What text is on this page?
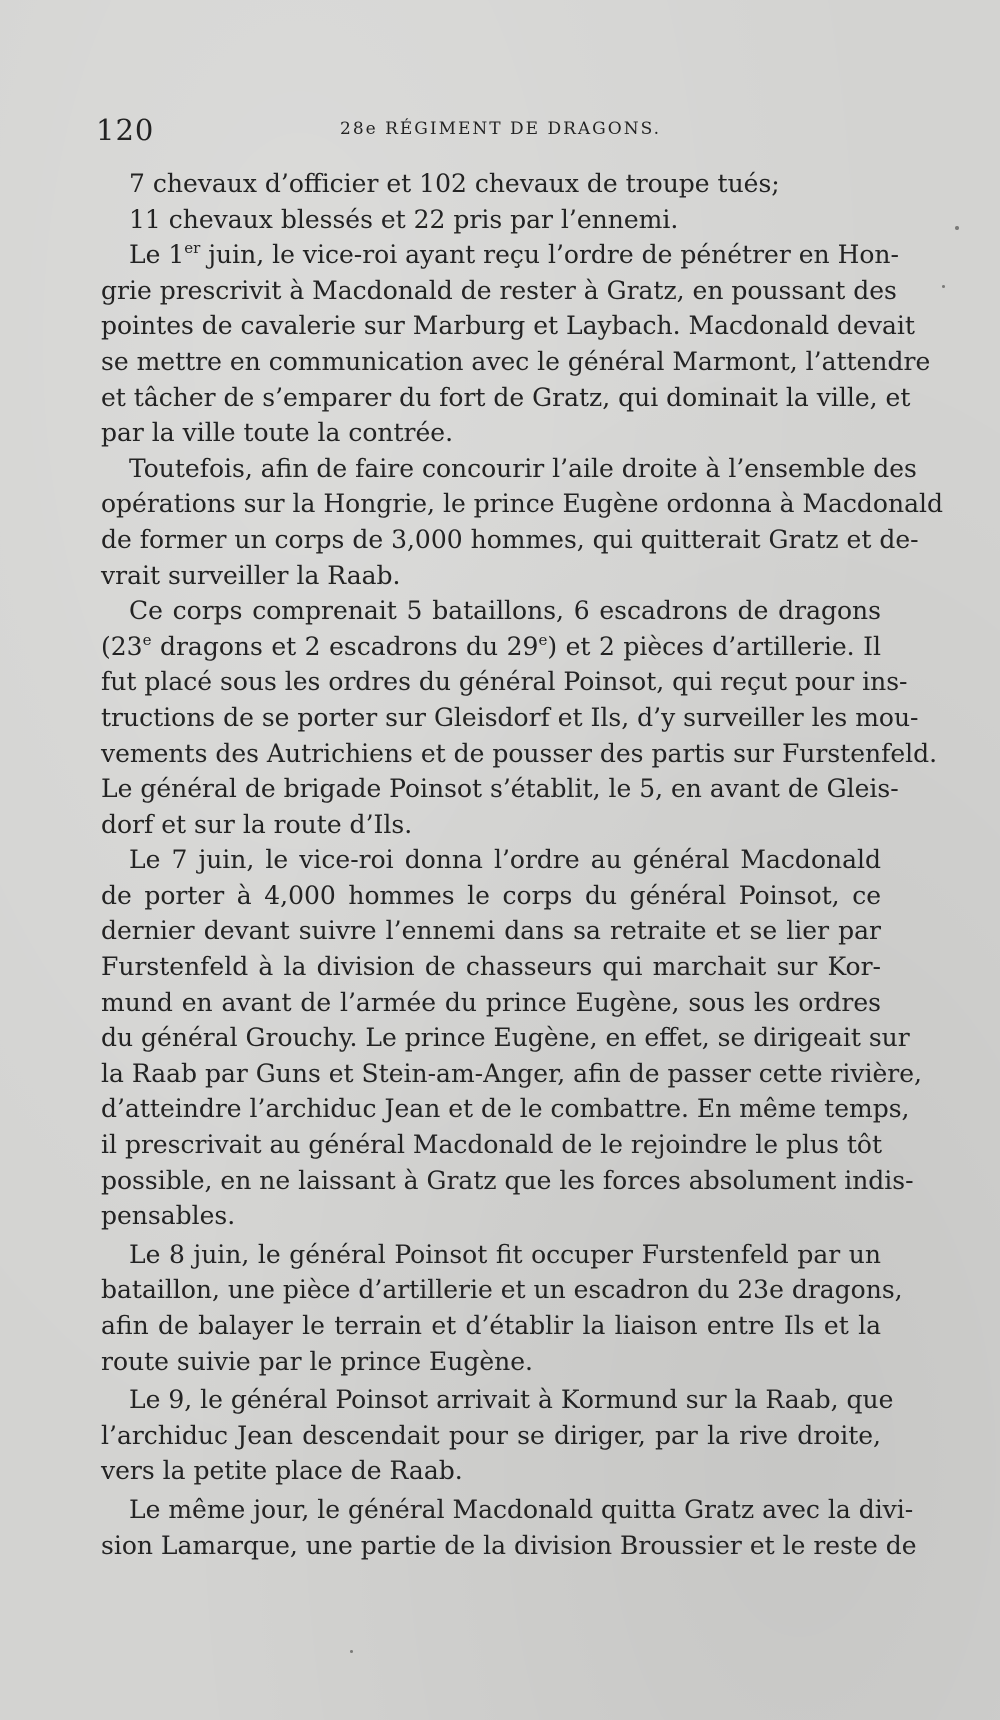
120	28e RÉGIMENT DE DRAGONS.
7 chevaux d’officier et 102 chevaux de troupe tués;
11 chevaux blessés et 22 pris par l’ennemi.
Le 1er juin, le vice-roi ayant reçu l’ordre de pénétrer en Hon-
grie prescrivit à Macdonald de rester à Gratz, en poussant des
pointes de cavalerie sur Marburg et Laybach. Macdonald devait
se mettre en communication avec le général Marmont, l’attendre
et tâcher de s’emparer du fort de Gratz, qui dominait la ville, et
par la ville toute la contrée.
Toutefois, afin de faire concourir l’aile droite à l’ensemble des
opérations sur la Hongrie, le prince Eugène ordonna à Macdonald
de former un corps de 3,000 hommes, qui quitterait Gratz et de-
vrait surveiller la Raab.
Ce corps comprenait 5 bataillons, 6 escadrons de dragons
(23e dragons et 2 escadrons du 29e) et 2 pièces d’artillerie. Il
fut placé sous les ordres du général Poinsot, qui reçut pour ins-
tructions de se porter sur Gleisdorf et Ils, d’y surveiller les mou-
vements des Autrichiens et de pousser des partis sur Furstenfeld.
Le général de brigade Poinsot s’établit, le 5, en avant de Gleis-
dorf et sur la route d’Ils.
Le 7 juin, le vice-roi donna l’ordre au général Macdonald
de porter à 4,000 hommes le corps du général Poinsot, ce
dernier devant suivre l’ennemi dans sa retraite et se lier par
Furstenfeld à la division de chasseurs qui marchait sur Kor-
mund en avant de l’armée du prince Eugène, sous les ordres
du général Grouchy. Le prince Eugène, en effet, se dirigeait sur
la Raab par Guns et Stein-am-Anger, afin de passer cette rivière,
d’atteindre l’archiduc Jean et de le combattre. En même temps,
il prescrivait au général Macdonald de le rejoindre le plus tôt
possible, en ne laissant à Gratz que les forces absolument indis-
pensables.
Le 8 juin, le général Poinsot fit occuper Furstenfeld par un
bataillon, une pièce d’artillerie et un escadron du 23e dragons,
afin de balayer le terrain et d’établir la liaison entre Ils et la
route suivie par le prince Eugène.
Le 9, le général Poinsot arrivait à Kormund sur la Raab, que
l’archiduc Jean descendait pour se diriger, par la rive droite,
vers la petite place de Raab.
Le même jour, le général Macdonald quitta Gratz avec la divi-
sion Lamarque, une partie de la division Broussier et le reste de
